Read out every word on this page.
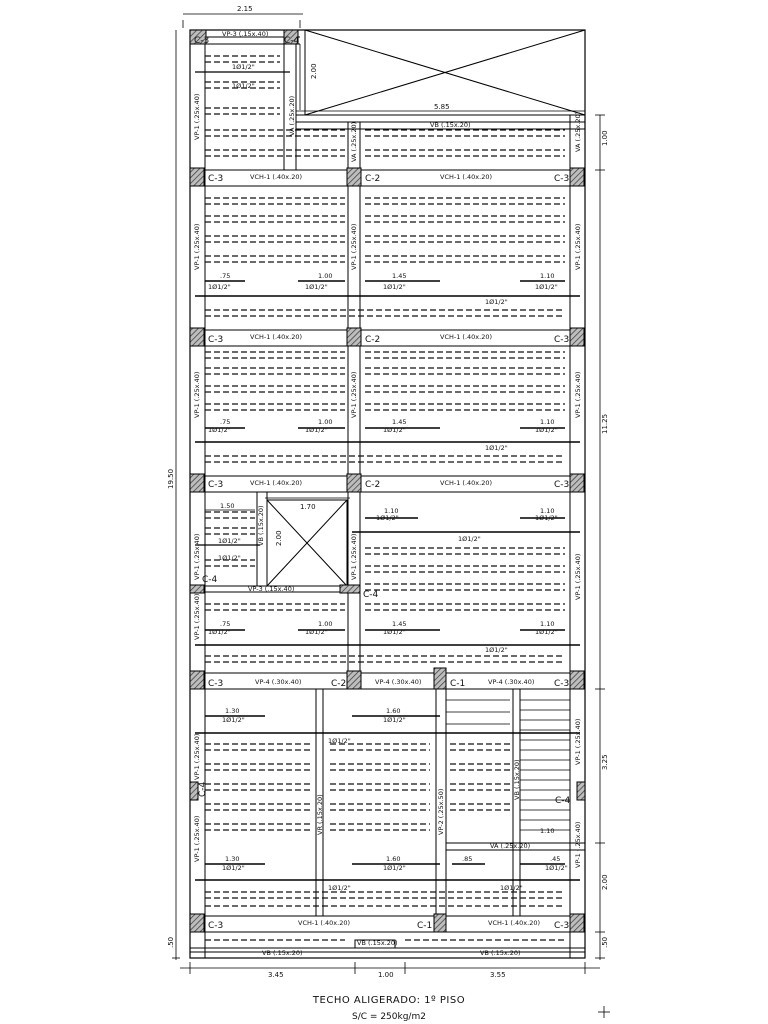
2.15
2.00
5.85
19.50
1.00
11.25
3.25
2.00
.50
.50
3.45	1.00	3.55
1.70
2.00
C-3	C-4
C-3	C-2	C-3
C-3	C-2	C-3
C-3	C-2	C-3
C-4
C-4
C-3	C-2	C-1	C-3
C-4
C-4
C-3	C-1	C-3
VP-3 (.15x.40)
VB (.15x.20)
VCH-1 (.40x.20)	VCH-1 (.40x.20)
VCH-1 (.40x.20)	VCH-1 (.40x.20)
VCH-1 (.40x.20)	VCH-1 (.40x.20)
VP-3 (.15x.40)
VP-4 (.30x.40)	VP-4 (.30x.40)	VP-4 (.30x.40)
VA (.25x.20)
VCH-1 (.40x.20)	VCH-1 (.40x.20)
VB (.15x.20)
VB (.15x.20)
VB (.15x.20)
VP-1 (.25x.40)	VA (.25x.20)
VA (.25x.20)	VA (.25x.20)
VP-1 (.25x.40)	VP-1 (.25x.40)	VP-1 (.25x.40)
VP-1 (.25x.40)	VP-1 (.25x.40)	VP-1 (.25x.40)
VB (.15x.20)
VP-1 (.25x.40)	VP-1 (.25x.40)	VP-1 (.25x.40)
VP-1 (.25x.40)
VP-1 (.25x.40)
VR (.15x.20)	VP-2 (.25x.50)
VB (.15x.20)
VP-1 (.25x.40)
VP-1 (.25x.40)	VP-1 (.25x.40)
1Ø1/2"
1Ø1/2"
1Ø1/2"	1Ø1/2"	1Ø1/2"	1Ø1/2"
1Ø1/2"
1Ø1/2"	1Ø1/2"	1Ø1/2"	1Ø1/2"
1Ø1/2"
1Ø1/2"	1Ø1/2"
1Ø1/2"
1Ø1/2"
1Ø1/2"
1Ø1/2"	1Ø1/2"	1Ø1/2"	1Ø1/2"
1Ø1/2"
1Ø1/2"	1Ø1/2"
1Ø1/2"
1Ø1/2"	1Ø1/2"	1Ø1/2"
1Ø1/2"	1Ø1/2"
.75	1.00	1.45	1.10
.75	1.00	1.45	1.10
1.10	1.10
1.50
.75	1.00	1.45	1.10
1.30	1.60
1.30	1.60	.85	.45
1.10
TECHO ALIGERADO: 1º PISO
S/C = 250kg/m2
